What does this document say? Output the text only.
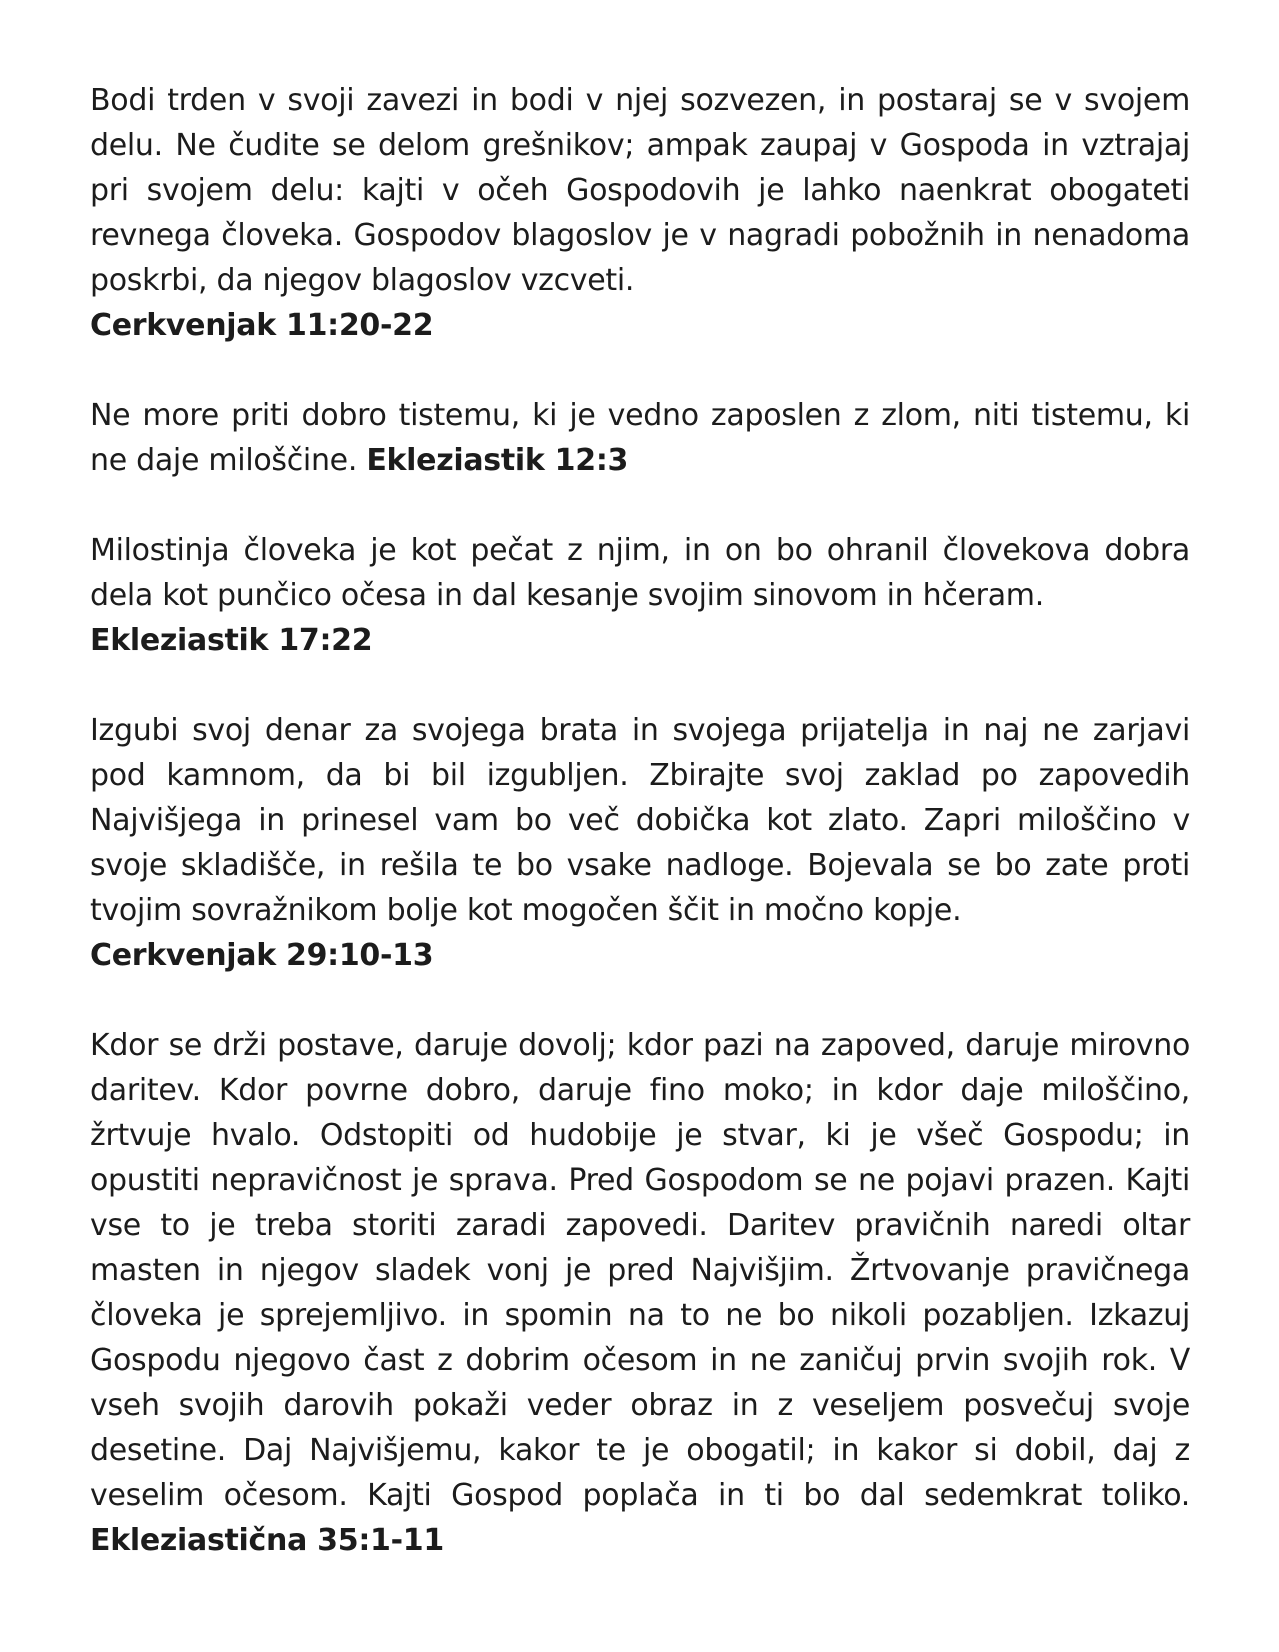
Bodi trden v svoji zavezi in bodi v njej sozvezen, in postaraj se v svojem delu. Ne čudite se delom grešnikov; ampak zaupaj v Gospoda in vztrajaj pri svojem delu: kajti v očeh Gospodovih je lahko naenkrat obogateti revnega človeka. Gospodov blagoslov je v nagradi pobožnih in nenadoma poskrbi, da njegov blagoslov vzcveti.
Cerkvenjak 11:20-22

Ne more priti dobro tistemu, ki je vedno zaposlen z zlom, niti tistemu, ki ne daje miloščine. Ekleziastik 12:3

Milostinja človeka je kot pečat z njim, in on bo ohranil človekova dobra dela kot punčico očesa in dal kesanje svojim sinovom in hčeram.
Ekleziastik 17:22

Izgubi svoj denar za svojega brata in svojega prijatelja in naj ne zarjavi pod kamnom, da bi bil izgubljen. Zbirajte svoj zaklad po zapovedih Najvišjega in prinesel vam bo več dobička kot zlato. Zapri miloščino v svoje skladišče, in rešila te bo vsake nadloge. Bojevala se bo zate proti tvojim sovražnikom bolje kot mogočen ščit in močno kopje.
Cerkvenjak 29:10-13

Kdor se drži postave, daruje dovolj; kdor pazi na zapoved, daruje mirovno daritev. Kdor povrne dobro, daruje fino moko; in kdor daje miloščino, žrtvuje hvalo. Odstopiti od hudobije je stvar, ki je všeč Gospodu; in opustiti nepravičnost je sprava. Pred Gospodom se ne pojavi prazen. Kajti vse to je treba storiti zaradi zapovedi. Daritev pravičnih naredi oltar masten in njegov sladek vonj je pred Najvišjim. Žrtvovanje pravičnega človeka je sprejemljivo. in spomin na to ne bo nikoli pozabljen. Izkazuj Gospodu njegovo čast z dobrim očesom in ne zaničuj prvin svojih rok. V vseh svojih darovih pokaži veder obraz in z veseljem posvečuj svoje desetine. Daj Najvišjemu, kakor te je obogatil; in kakor si dobil, daj z veselim očesom. Kajti Gospod poplača in ti bo dal sedemkrat toliko. Ekleziastična 35:1-11
